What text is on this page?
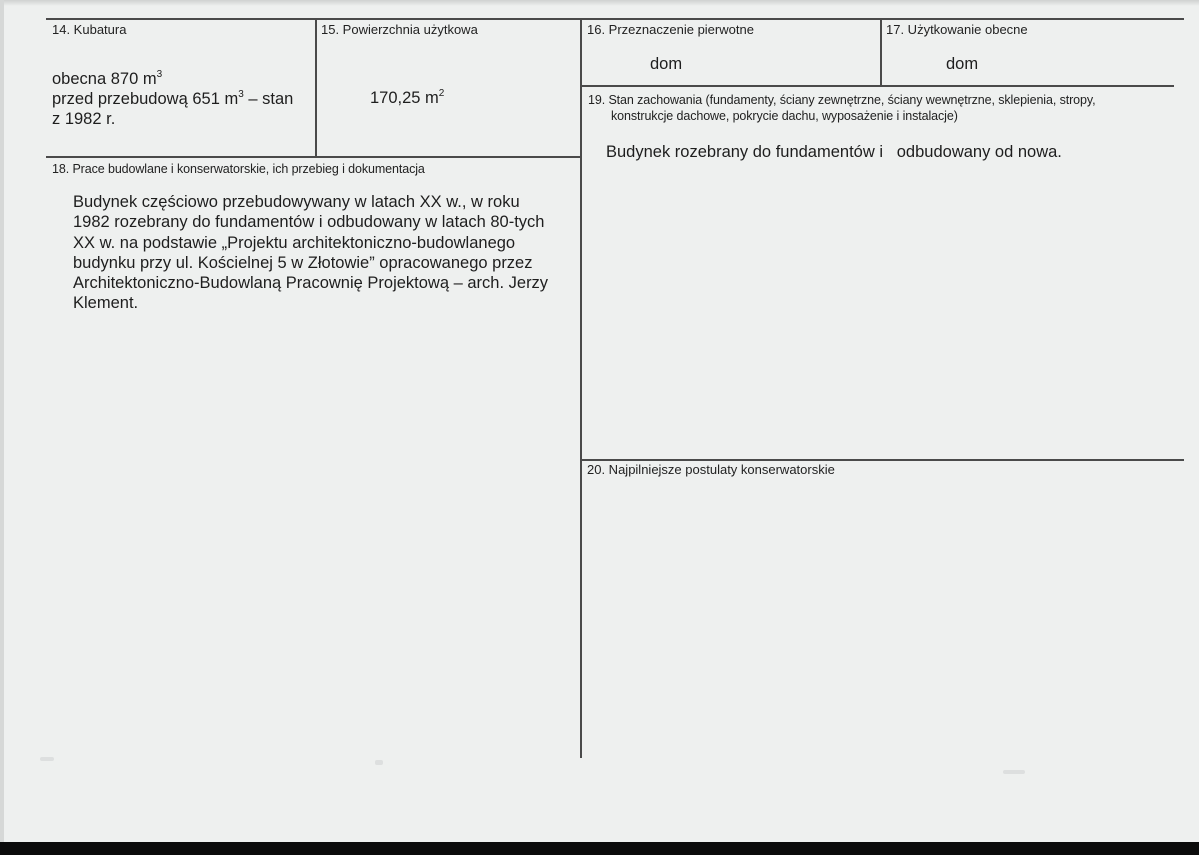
14. Kubatura
obecna 870 $m^3$
przed przebudową 651 $m^3$ – stan
z 1982 r.
15. Powierzchnia użytkowa
170,25 $m^2$
16. Przeznaczenie pierwotne
dom
17. Użytkowanie obecne
dom
18. Prace budowlane i konserwatorskie, ich przebieg i dokumentacja
Budynek częściowo przebudowywany w latach XX w., w roku
1982 rozebrany do fundamentów i odbudowany w latach 80-tych
XX w. na podstawie „Projektu architektoniczno-budowlanego
budynku przy ul. Kościelnej 5 w Złotowie” opracowanego przez
Architektoniczno-Budowlaną Pracownię Projektową – arch. Jerzy
Klement.
19. Stan zachowania (fundamenty, ściany zewnętrzne, ściany wewnętrzne, sklepienia, stropy,
konstrukcje dachowe, pokrycie dachu, wyposażenie i instalacje)
Budynek rozebrany do fundamentów i   odbudowany od nowa.
20. Najpilniejsze postulaty konserwatorskie
